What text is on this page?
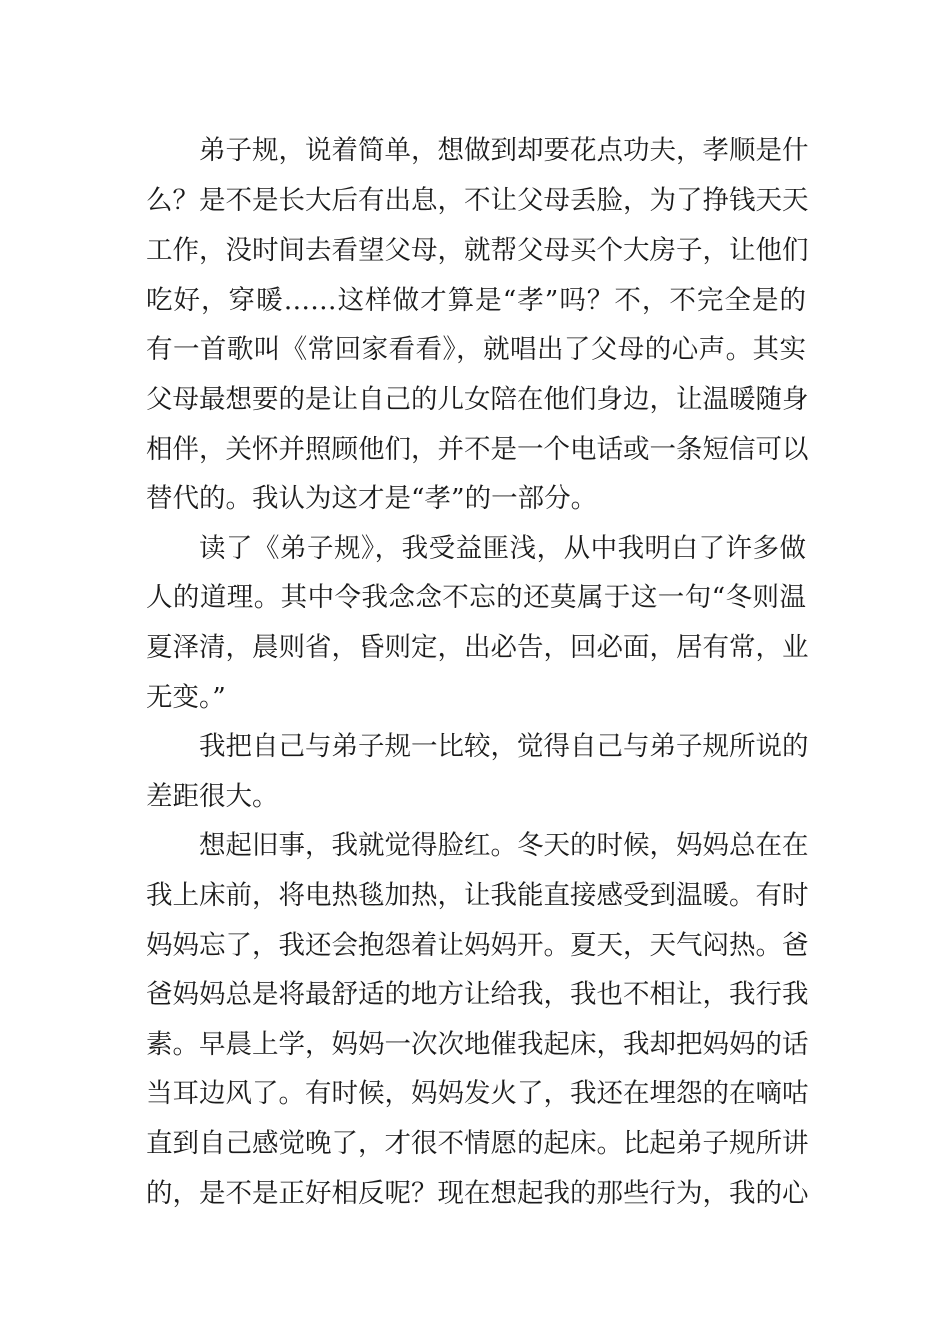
弟子规，说着简单，想做到却要花点功夫，孝顺是什
么？是不是长大后有出息，不让父母丢脸，为了挣钱天天
工作，没时间去看望父母，就帮父母买个大房子，让他们
吃好，穿暖……这样做才算是“孝”吗？不，不完全是的
有一首歌叫《常回家看看》，就唱出了父母的心声。其实
父母最想要的是让自己的儿女陪在他们身边，让温暖随身
相伴，关怀并照顾他们，并不是一个电话或一条短信可以
替代的。我认为这才是“孝”的一部分。
读了《弟子规》，我受益匪浅，从中我明白了许多做
人的道理。其中令我念念不忘的还莫属于这一句“冬则温
夏泽清，晨则省，昏则定，出必告，回必面，居有常，业
无变。”
我把自己与弟子规一比较，觉得自己与弟子规所说的
差距很大。
想起旧事，我就觉得脸红。冬天的时候，妈妈总在在
我上床前，将电热毯加热，让我能直接感受到温暖。有时
妈妈忘了，我还会抱怨着让妈妈开。夏天，天气闷热。爸
爸妈妈总是将最舒适的地方让给我，我也不相让，我行我
素。早晨上学，妈妈一次次地催我起床，我却把妈妈的话
当耳边风了。有时候，妈妈发火了，我还在埋怨的在嘀咕
直到自己感觉晚了，才很不情愿的起床。比起弟子规所讲
的，是不是正好相反呢？现在想起我的那些行为，我的心
